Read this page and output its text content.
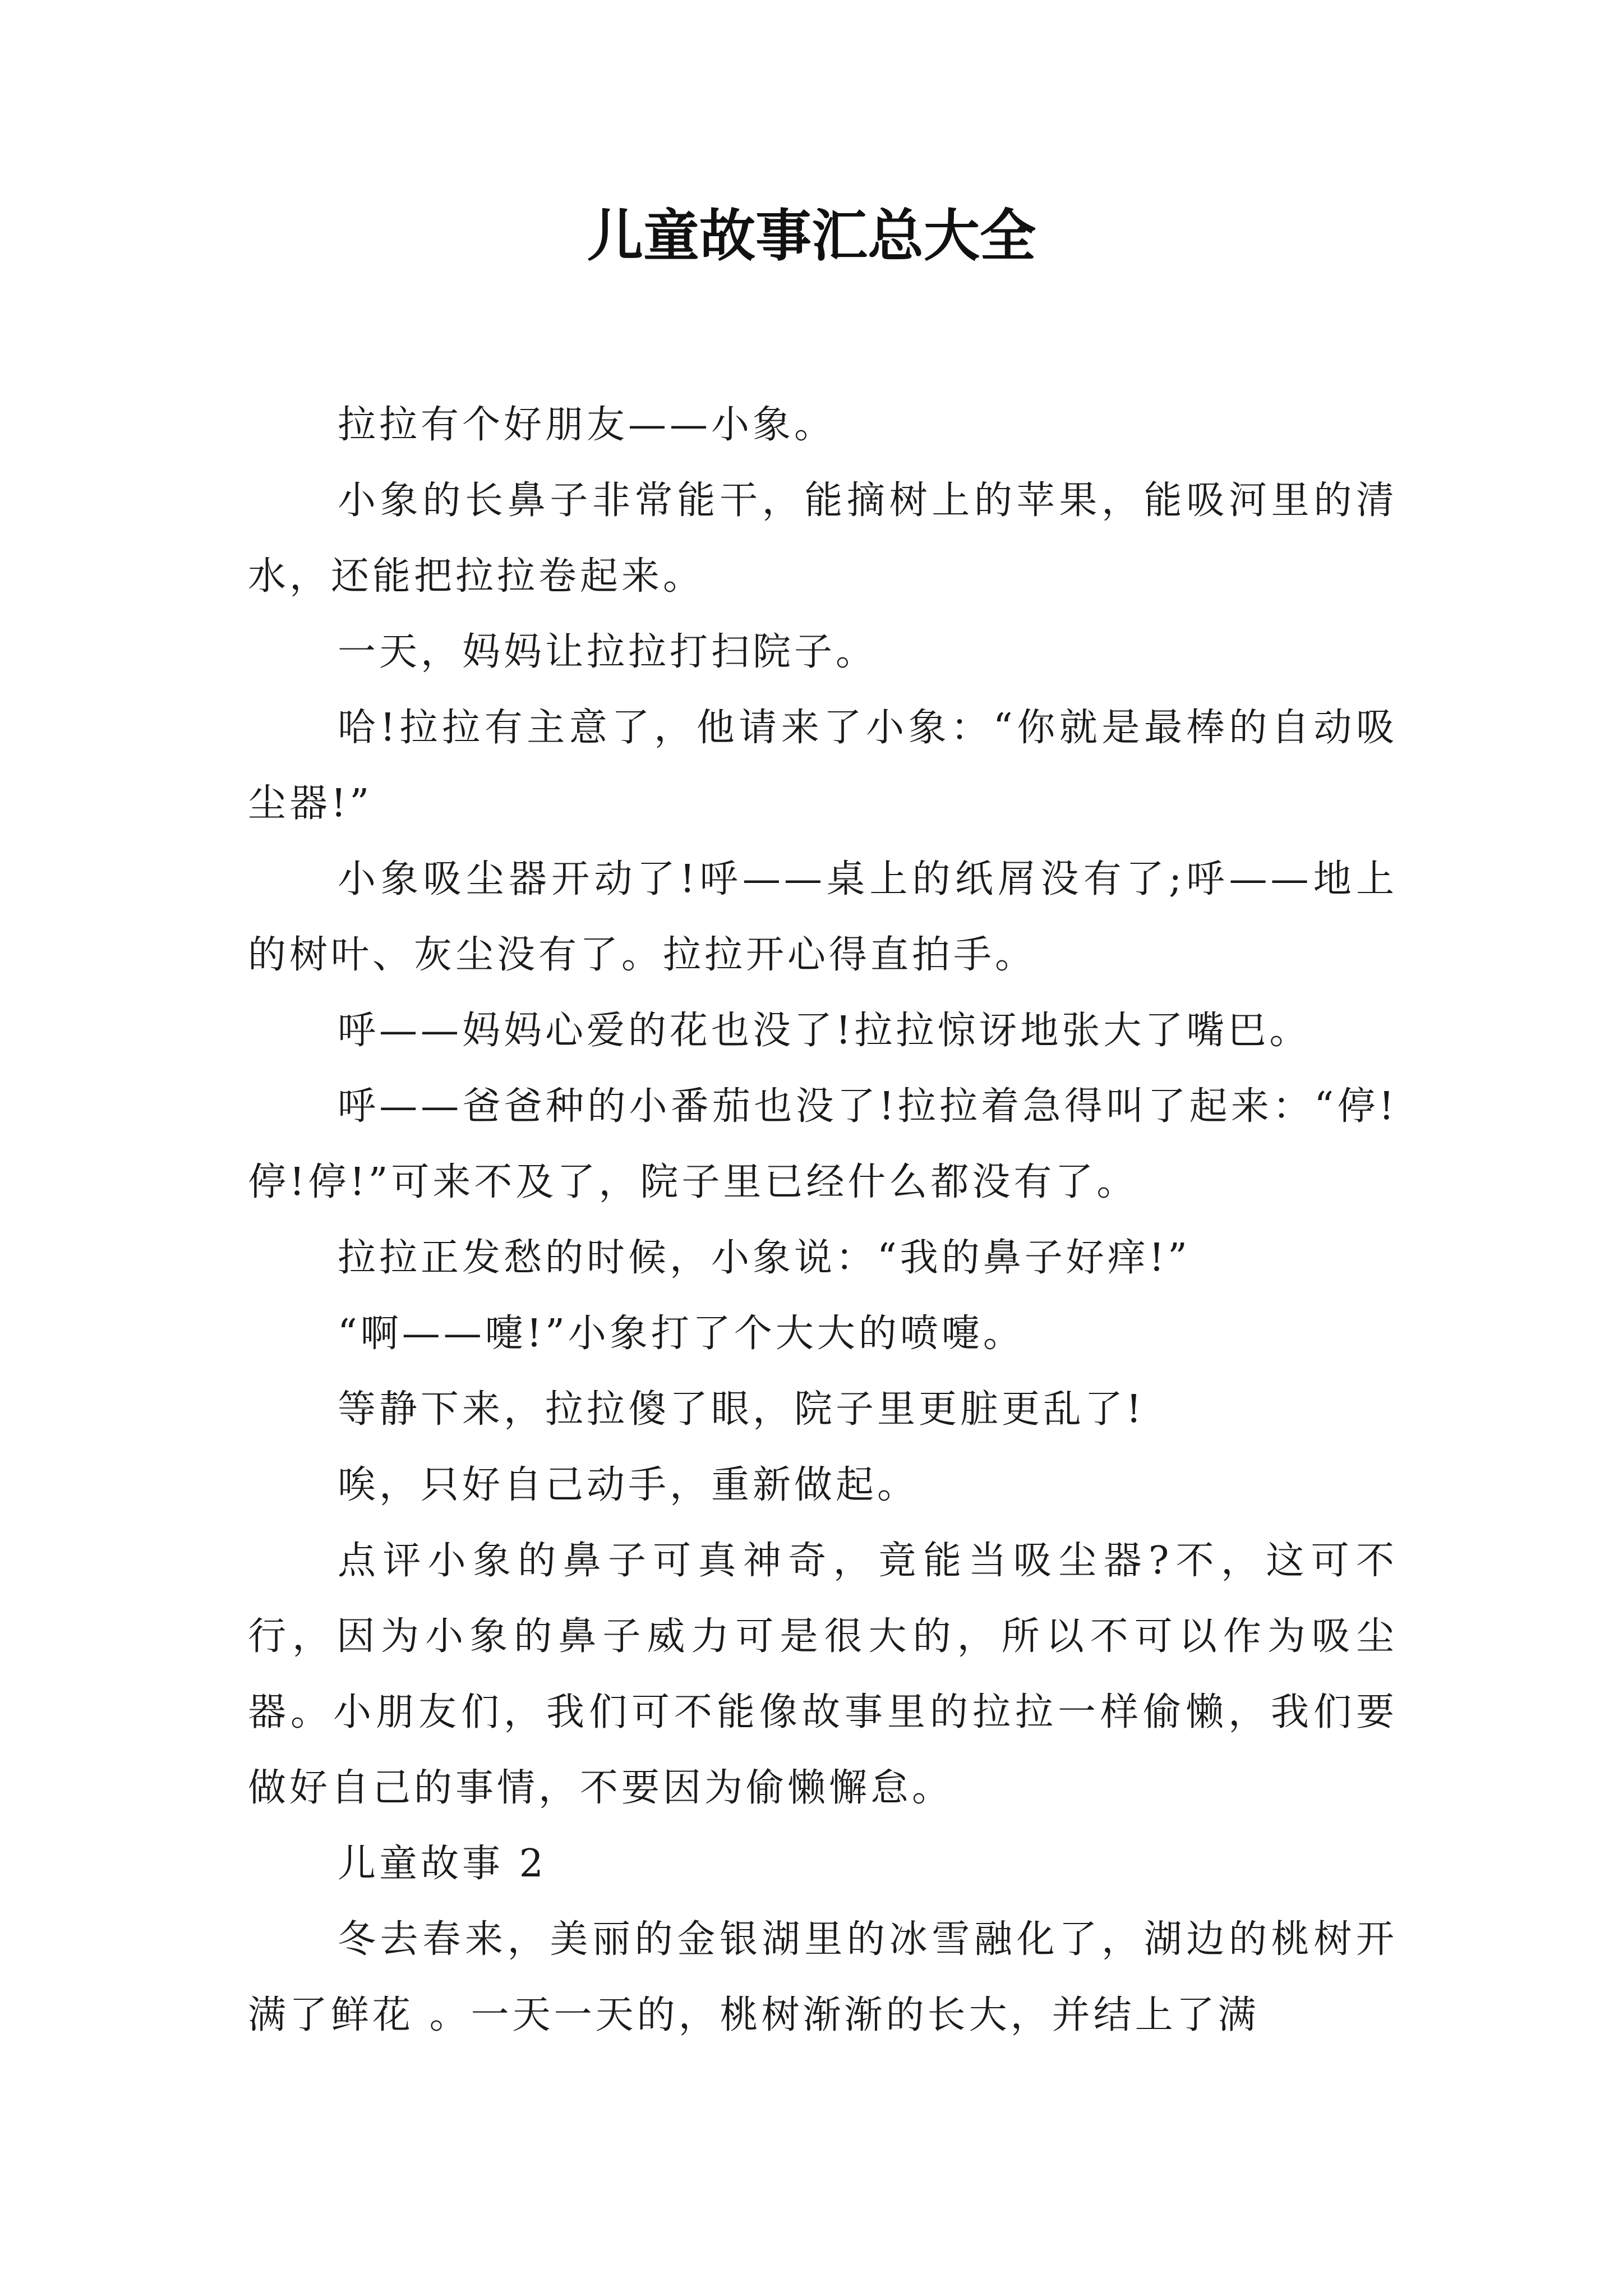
儿童故事汇总大全

拉拉有个好朋友——小象。

小象的长鼻子非常能干，能摘树上的苹果，能吸河里的清水，还能把拉拉卷起来。

一天，妈妈让拉拉打扫院子。

哈!拉拉有主意了，他请来了小象：“你就是最棒的自动吸尘器!”

小象吸尘器开动了!呼——桌上的纸屑没有了;呼——地上的树叶、灰尘没有了。拉拉开心得直拍手。

呼——妈妈心爱的花也没了!拉拉惊讶地张大了嘴巴。

呼——爸爸种的小番茄也没了!拉拉着急得叫了起来：“停!停!停!”可来不及了，院子里已经什么都没有了。

拉拉正发愁的时候，小象说：“我的鼻子好痒!”

“啊——嚏!”小象打了个大大的喷嚏。

等静下来，拉拉傻了眼，院子里更脏更乱了!

唉，只好自己动手，重新做起。

点评小象的鼻子可真神奇，竟能当吸尘器?不，这可不行，因为小象的鼻子威力可是很大的，所以不可以作为吸尘器。小朋友们，我们可不能像故事里的拉拉一样偷懒，我们要做好自己的事情，不要因为偷懒懈怠。

儿童故事 2

冬去春来，美丽的金银湖里的冰雪融化了，湖边的桃树开满了鲜花 。一天一天的，桃树渐渐的长大，并结上了满
